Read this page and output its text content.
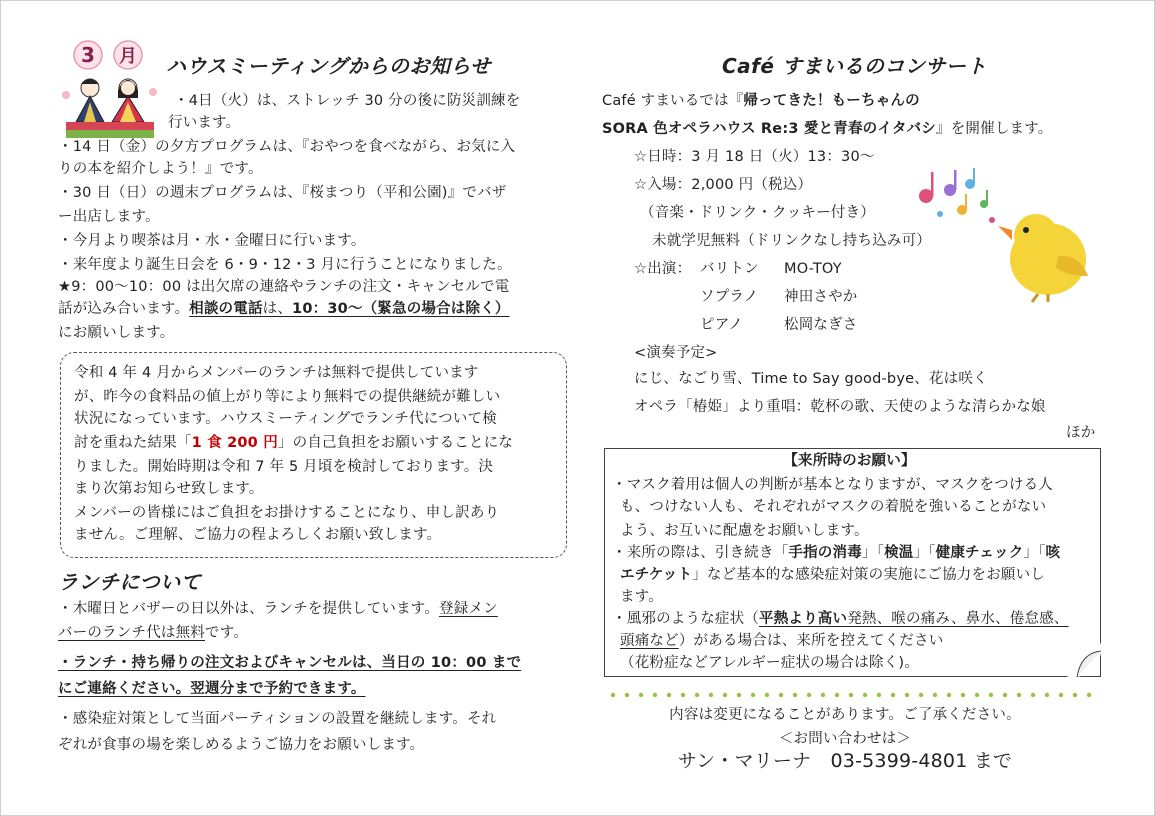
3 月 ハウスミーティングからのお知らせ
・4日（火）は、ストレッチ 30 分の後に防災訓練を
行います。
・14 日（金）の夕方プログラムは、『おやつを食べながら、お気に入
りの本を紹介しよう！』です。
・30 日（日）の週末プログラムは、『桜まつり（平和公園)』でバザ
ー出店します。
・今月より喫茶は月・水・金曜日に行います。
・来年度より誕生日会を 6・9・12・3 月に行うことになりました。
★9：00〜10：00 は出欠席の連絡やランチの注文・キャンセルで電
話が込み合います。相談の電話は、10：30〜（緊急の場合は除く）
にお願いします。
令和 4 年 4 月からメンバーのランチは無料で提供しています
が、昨今の食料品の値上がり等により無料での提供継続が難しい
状況になっています。ハウスミーティングでランチ代について検
討を重ねた結果「1 食 200 円」の自己負担をお願いすることにな
りました。開始時期は令和 7 年 5 月頃を検討しております。決
まり次第お知らせ致します。
メンバーの皆様にはご負担をお掛けすることになり、申し訳あり
ません。ご理解、ご協力の程よろしくお願い致します。
ランチについて
・木曜日とバザーの日以外は、ランチを提供しています。登録メン
バーのランチ代は無料です。
・ランチ・持ち帰りの注文およびキャンセルは、当日の 10：00 まで
にご連絡ください。翌週分まで予約できます。
・感染症対策として当面パーティションの設置を継続します。それ
ぞれが食事の場を楽しめるようご協力をお願いします。
Café すまいるのコンサート
Café すまいるでは『帰ってきた！もーちゃんの
SORA 色オペラハウス Re:3 愛と青春のイタバシ』を開催します。
☆日時：3 月 18 日（火）13：30〜
☆入場：2,000 円（税込）
（音楽・ドリンク・クッキー付き）
未就学児無料（ドリンクなし持ち込み可）
☆出演： バリトン MO-TOY
ソプラノ 神田さやか
ピアノ	松岡なぎさ
<演奏予定>
にじ、なごり雪、Time to Say good-bye、花は咲く
オペラ「椿姫」より重唱：乾杯の歌、天使のような清らかな娘
ほか
【来所時のお願い】
・マスク着用は個人の判断が基本となりますが、マスクをつける人
も、つけない人も、それぞれがマスクの着脱を強いることがない
よう、お互いに配慮をお願いします。
・来所の際は、引き続き「手指の消毒」「検温」「健康チェック」「咳
エチケット」など基本的な感染症対策の実施にご協力をお願いし
ます。
・風邪のような症状（平熱より高い発熱、喉の痛み、鼻水、倦怠感、
頭痛など）がある場合は、来所を控えてください
（花粉症などアレルギー症状の場合は除く)。
内容は変更になることがあります。ご了承ください。
＜お問い合わせは＞
サン・マリーナ　03-5399-4801 まで
